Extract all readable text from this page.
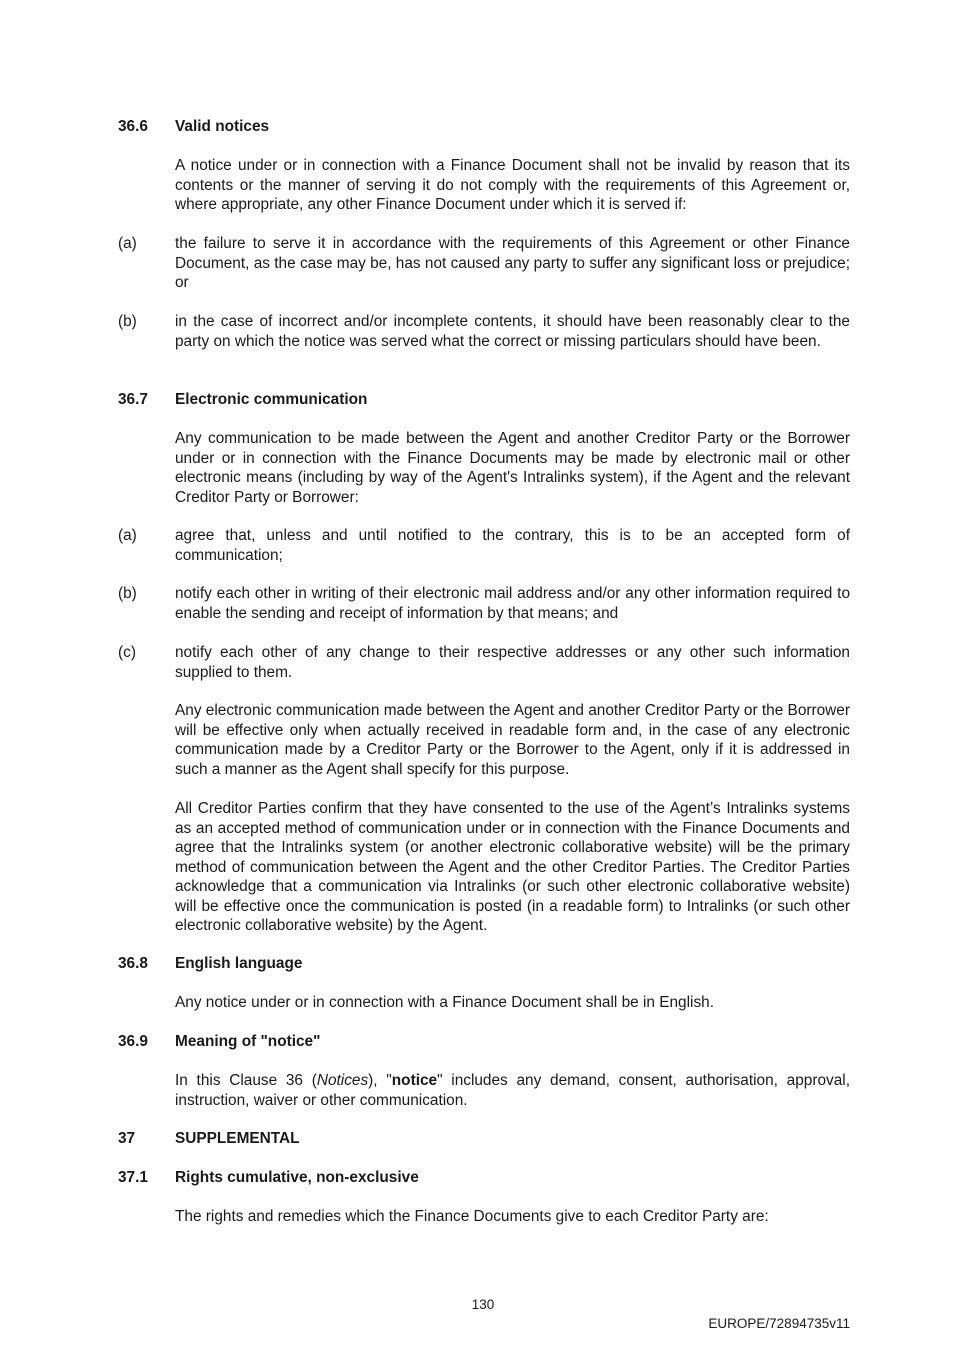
36.6 Valid notices
A notice under or in connection with a Finance Document shall not be invalid by reason that its contents or the manner of serving it do not comply with the requirements of this Agreement or, where appropriate, any other Finance Document under which it is served if:
(a) the failure to serve it in accordance with the requirements of this Agreement or other Finance Document, as the case may be, has not caused any party to suffer any significant loss or prejudice; or
(b) in the case of incorrect and/or incomplete contents, it should have been reasonably clear to the party on which the notice was served what the correct or missing particulars should have been.
36.7 Electronic communication
Any communication to be made between the Agent and another Creditor Party or the Borrower under or in connection with the Finance Documents may be made by electronic mail or other electronic means (including by way of the Agent's Intralinks system), if the Agent and the relevant Creditor Party or Borrower:
(a) agree that, unless and until notified to the contrary, this is to be an accepted form of communication;
(b) notify each other in writing of their electronic mail address and/or any other information required to enable the sending and receipt of information by that means; and
(c)	notify each other of any change to their respective addresses or any other such information supplied to them.
Any electronic communication made between the Agent and another Creditor Party or the Borrower will be effective only when actually received in readable form and, in the case of any electronic communication made by a Creditor Party or the Borrower to the Agent, only if it is addressed in such a manner as the Agent shall specify for this purpose.
All Creditor Parties confirm that they have consented to the use of the Agent’s Intralinks systems as an accepted method of communication under or in connection with the Finance Documents and agree that the Intralinks system (or another electronic collaborative website) will be the primary method of communication between the Agent and the other Creditor Parties. The Creditor Parties acknowledge that a communication via Intralinks (or such other electronic collaborative website) will be effective once the communication is posted (in a readable form) to Intralinks (or such other electronic collaborative website) by the Agent.
36.8 English language
Any notice under or in connection with a Finance Document shall be in English.
36.9 Meaning of "notice"
In this Clause 36 (Notices), "notice" includes any demand, consent, authorisation, approval, instruction, waiver or other communication.
37	SUPPLEMENTAL
37.1 Rights cumulative, non-exclusive
The rights and remedies which the Finance Documents give to each Creditor Party are:
130
EUROPE/72894735v11
